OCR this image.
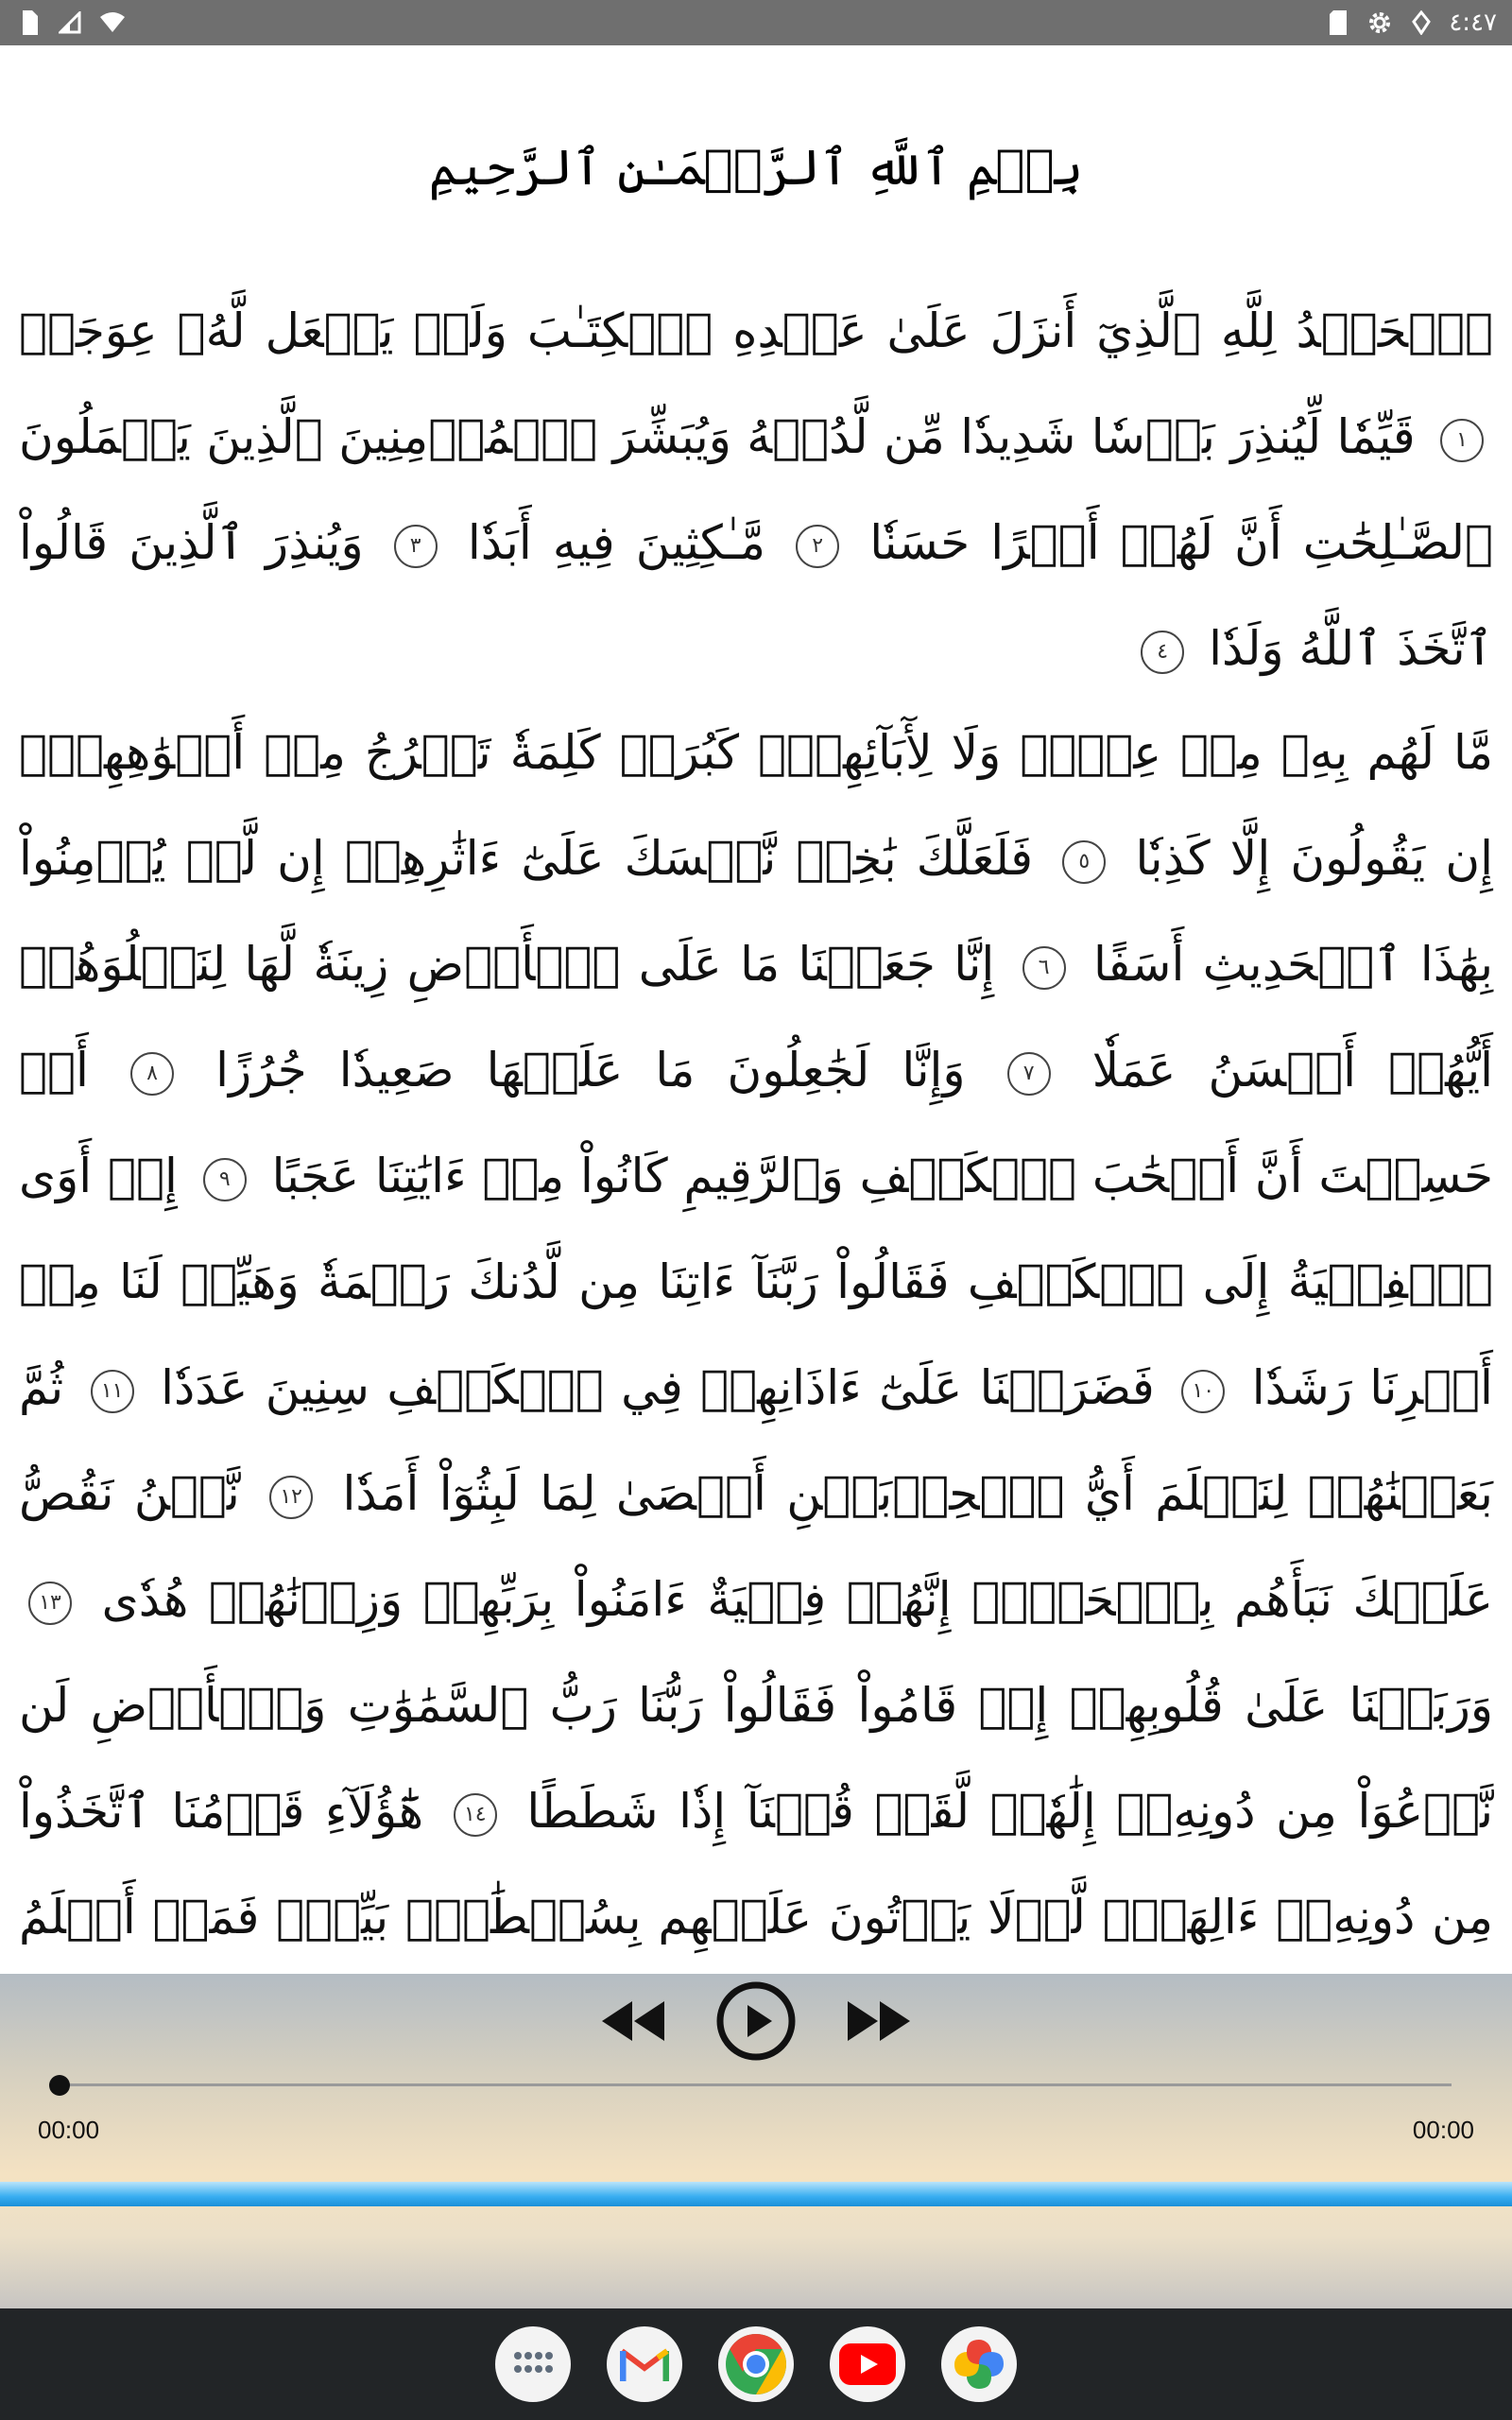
٤:٤٧
بِسۡمِ ٱللَّهِ ٱلرَّحۡمَـٰنِ ٱلرَّحِيمِ
ٱلۡحَمۡدُ لِلَّهِ ٱلَّذِيٓ أَنزَلَ عَلَىٰ عَبۡدِهِ ٱلۡكِتَـٰبَ وَلَمۡ يَجۡعَل لَّهُۥ عِوَجَاۜ ١ قَيِّمٗا لِّيُنذِرَ بَأۡسٗا شَدِيدٗا مِّن لَّدُنۡهُ وَيُبَشِّرَ ٱلۡمُؤۡمِنِينَ ٱلَّذِينَ يَعۡمَلُونَ ٱلصَّـٰلِحَٰتِ أَنَّ لَهُمۡ أَجۡرًا حَسَنٗا ٢ مَّـٰكِثِينَ فِيهِ أَبَدٗا ٣ وَيُنذِرَ ٱلَّذِينَ قَالُواْ ٱتَّخَذَ ٱللَّهُ وَلَدٗا ٤
مَّا لَهُم بِهِۦ مِنۡ عِلۡمٖ وَلَا لِأٓبَآئِهِمۡۚ كَبُرَتۡ كَلِمَةٗ تَخۡرُجُ مِنۡ أَفۡوَٰهِهِمۡۚ إِن يَقُولُونَ إِلَّا كَذِبٗا ٥ فَلَعَلَّكَ بَٰخِعٞ نَّفۡسَكَ عَلَىٰٓ ءَاثَٰرِهِمۡ إِن لَّمۡ يُؤۡمِنُواْ بِهَٰذَا ٱلۡحَدِيثِ أَسَفًا ٦ إِنَّا جَعَلۡنَا مَا عَلَى ٱلۡأَرۡضِ زِينَةٗ لَّهَا لِنَبۡلُوَهُمۡ أَيُّهُمۡ أَحۡسَنُ عَمَلٗا ٧ وَإِنَّا لَجَٰعِلُونَ مَا عَلَيۡهَا صَعِيدٗا جُرُزًا ٨ أَمۡ حَسِبۡتَ أَنَّ أَصۡحَٰبَ ٱلۡكَهۡفِ وَٱلرَّقِيمِ كَانُواْ مِنۡ ءَايَٰتِنَا عَجَبًا ٩ إِذۡ أَوَى ٱلۡفِتۡيَةُ إِلَى ٱلۡكَهۡفِ فَقَالُواْ رَبَّنَآ ءَاتِنَا مِن لَّدُنكَ رَحۡمَةٗ وَهَيِّئۡ لَنَا مِنۡ أَمۡرِنَا رَشَدٗا ١٠ فَضَرَبۡنَا عَلَىٰٓ ءَاذَانِهِمۡ فِي ٱلۡكَهۡفِ سِنِينَ عَدَدٗا ١١ ثُمَّ بَعَثۡنَٰهُمۡ لِنَعۡلَمَ أَيُّ ٱلۡحِزۡبَيۡنِ أَحۡصَىٰ لِمَا لَبِثُوٓاْ أَمَدٗا ١٢ نَّحۡنُ نَقُصُّ عَلَيۡكَ نَبَأَهُم بِٱلۡحَقِّۚ إِنَّهُمۡ فِتۡيَةٌ ءَامَنُواْ بِرَبِّهِمۡ وَزِدۡنَٰهُمۡ هُدٗى ١٣ وَرَبَطۡنَا عَلَىٰ قُلُوبِهِمۡ إِذۡ قَامُواْ فَقَالُواْ رَبُّنَا رَبُّ ٱلسَّمَٰوَٰتِ وَٱلۡأَرۡضِ لَن نَّدۡعُوَاْ مِن دُونِهِۦٓ إِلَٰهٗاۖ لَّقَدۡ قُلۡنَآ إِذٗا شَطَطًا ١٤ هَٰٓؤُلَآءِ قَوۡمُنَا ٱتَّخَذُواْ مِن دُونِهِۦٓ ءَالِهَةٗۖ لَّوۡلَا يَأۡتُونَ عَلَيۡهِم بِسُلۡطَٰنِۭ بَيِّنٖۖ فَمَنۡ أَظۡلَمُ
00:00	00:00
